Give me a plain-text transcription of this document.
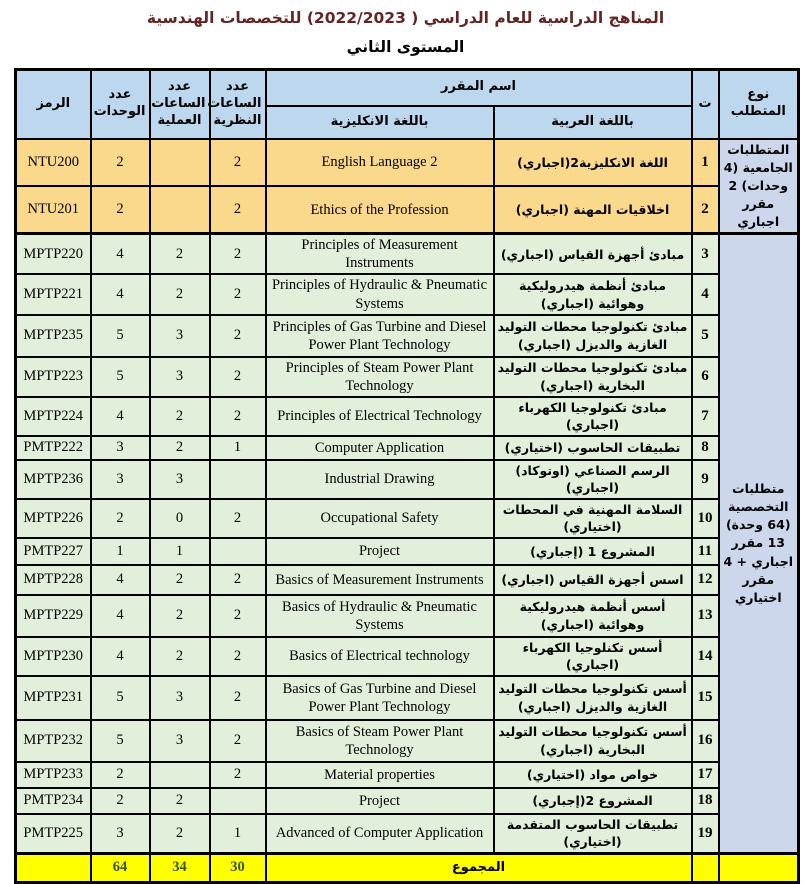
المناهج الدراسية للعام الدراسي ( 2022/2023) للتخصصات الهندسية
المستوى الثاني
نوع المتطلب	ت	اسم المقرر		عدد الساعات النظرية	عدد الساعات العملية	عدد الوحدات	الرمز
		باللغة العربية	باللغة الانكليزية				
المتطلبات الجامعية (4 وحدات) 2 مقرر اجباري	1	اللغة الانكليزية2(اجباري)	English Language 2	2		2	NTU200
	2	اخلاقيات المهنة (اجباري)	Ethics of the Profession	2		2	NTU201
متطلبات التخصصية (64 وحدة) 13 مقرر اجباري + 4 مقرر اختياري	3	مبادئ أجهزة القياس (اجباري)	Principles of Measurement Instruments	2	2	4	MPTP220
	4	مبادئ أنظمة هيدروليكية وهوائية (اجباري)	Principles of Hydraulic & Pneumatic Systems	2	2	4	MPTP221
	5	مبادئ تكنولوجيا محطات التوليد الغازية والديزل (اجباري)	Principles of Gas Turbine and Diesel Power Plant Technology	2	3	5	MPTP235
	6	مبادئ تكنولوجيا محطات التوليد البخارية (اجباري)	Principles of Steam Power Plant Technology	2	3	5	MPTP223
	7	مبادئ تكنولوجيا الكهرباء (اجباري)	Principles of Electrical Technology	2	2	4	MPTP224
	8	تطبيقات الحاسوب (اختياري)	Computer Application	1	2	3	PMTP222
	9	الرسم الصناعي (اوتوكاد) (اجباري)	Industrial Drawing		3	3	MPTP236
	10	السلامة المهنية في المحطات (اختياري)	Occupational Safety	2	0	2	MPTP226
	11	المشروع 1 (إجباري)	Project		1	1	PMTP227
	12	اسس أجهزة القياس (اجباري)	Basics of Measurement Instruments	2	2	4	MPTP228
	13	أسس أنظمة هيدروليكية وهوائية (اجباري)	Basics of Hydraulic & Pneumatic Systems	2	2	4	MPTP229
	14	أسس تكنلوجيا الكهرباء (اجباري)	Basics of Electrical technology	2	2	4	MPTP230
	15	أسس تكنولوجيا محطات التوليد الغازية والديزل (اجباري)	Basics of Gas Turbine and Diesel Power Plant Technology	2	3	5	MPTP231
	16	أسس تكنولوجيا محطات التوليد البخارية (اجباري)	Basics of Steam Power Plant Technology	2	3	5	MPTP232
	17	خواص مواد (اختياري)	Material properties	2		2	MPTP233
	18	المشروع 2(إجباري)	Project		2	2	PMTP234
	19	تطبيقات الحاسوب المتقدمة (اختياري)	Advanced of Computer Application	1	2	3	PMTP225
		المجموع		30	34	64	
